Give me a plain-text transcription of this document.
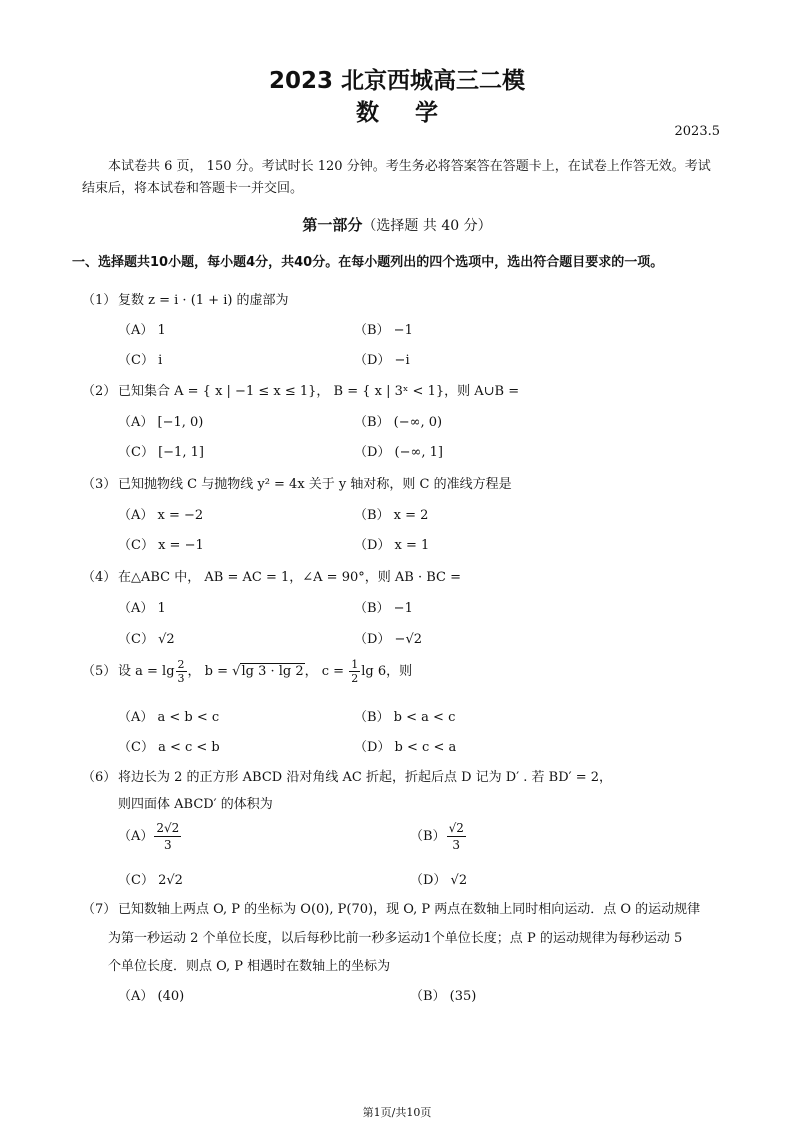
2023 北京西城高三二模
数学
2023.5
本试卷共 6 页， 150 分。考试时长 120 分钟。考生务必将答案答在答题卡上，在试卷上作答无效。考试结束后，将本试卷和答题卡一并交回。
第一部分（选择题 共 40 分）
一、选择题共10小题，每小题4分，共40分。在每小题列出的四个选项中，选出符合题目要求的一项。
（1） 复数 z = i · (1 + i) 的虚部为
（A） 1	（B） −1
（C） i	（D） −i
（2） 已知集合 A = { x | −1 ≤ x ≤ 1}， B = { x | 3ˣ < 1}，则 A∪B =
（A） [−1, 0)	（B） (−∞, 0)
（C） [−1, 1]	（D） (−∞, 1]
（3） 已知抛物线 C 与抛物线 y² = 4x 关于 y 轴对称，则 C 的准线方程是
（A） x = −2	（B） x = 2
（C） x = −1	（D） x = 1
（4） 在△ABC 中， AB = AC = 1，∠A = 90°，则 AB · BC =
（A） 1	（B） −1
（C） √2	（D） −√2
（5） 设 $a = \lg \frac{2}{3}$ ， b = √lg 3 · lg 2， $c = \frac{1}{2}$ lg 6，则
（A） a < b < c	（B） b < a < c
（C） a < c < b	（D） b < c < a
（6） 将边长为 2 的正方形 ABCD 沿对角线 AC 折起，折起后点 D 记为 D′ . 若 BD′ = 2，
则四面体 ABCD′ 的体积为
$(A) \frac{2√2}{3}$	$(B) \frac{√2}{3}$
（C） 2√2	（D） √2
（7） 已知数轴上两点 O, P 的坐标为 O(0), P(70)，现 O, P 两点在数轴上同时相向运动．点 O 的运动规律
为第一秒运动 2 个单位长度，以后每秒比前一秒多运动1个单位长度；点 P 的运动规律为每秒运动 5
个单位长度．则点 O, P 相遇时在数轴上的坐标为
（A） (40)	（B） (35)
第1页/共10页
